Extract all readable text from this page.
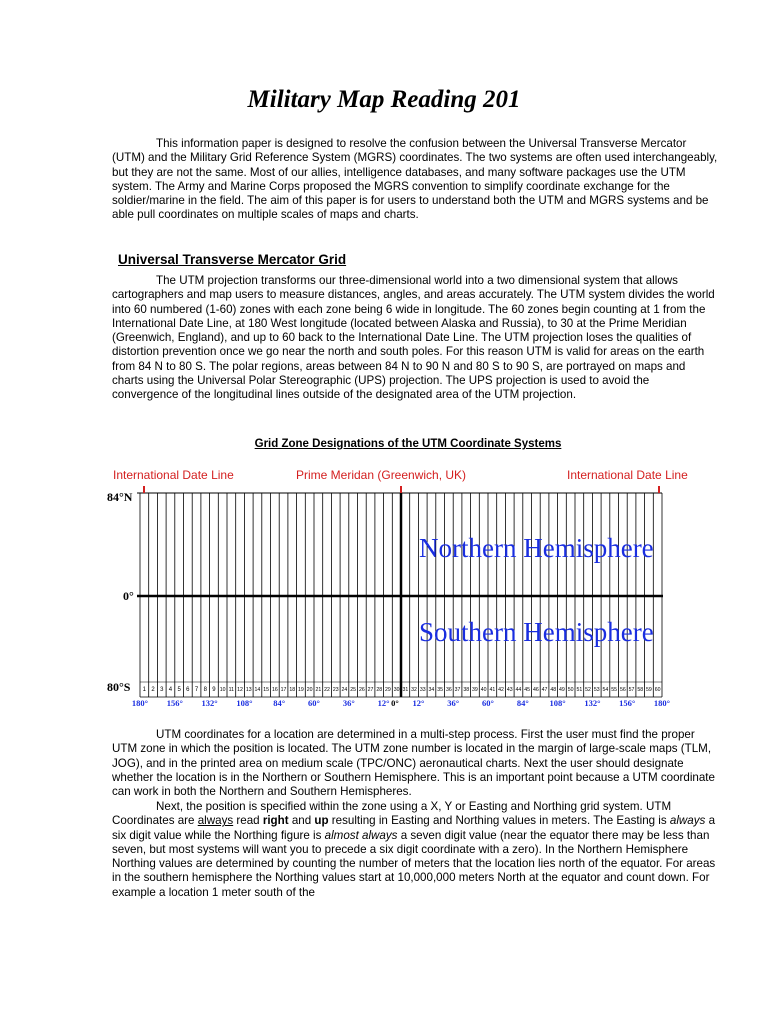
Military Map Reading 201

This information paper is designed to resolve the confusion between the Universal Transverse Mercator (UTM) and the Military Grid Reference System (MGRS) coordinates. The two systems are often used interchangeably, but they are not the same. Most of our allies, intelligence databases, and many software packages use the UTM system. The Army and Marine Corps proposed the MGRS convention to simplify coordinate exchange for the soldier/marine in the field. The aim of this paper is for users to understand both the UTM and MGRS systems and be able pull coordinates on multiple scales of maps and charts.

Universal Transverse Mercator Grid

The UTM projection transforms our three-dimensional world into a two dimensional system that allows cartographers and map users to measure distances, angles, and areas accurately. The UTM system divides the world into 60 numbered (1-60) zones with each zone being 6 wide in longitude. The 60 zones begin counting at 1 from the International Date Line, at 180 West longitude (located between Alaska and Russia), to 30 at the Prime Meridian (Greenwich, England), and up to 60 back to the International Date Line. The UTM projection loses the qualities of distortion prevention once we go near the north and south poles. For this reason UTM is valid for areas on the earth from 84 N to 80 S. The polar regions, areas between 84 N to 90 N and 80 S to 90 S, are portrayed on maps and charts using the Universal Polar Stereographic (UPS) projection. The UPS projection is used to avoid the convergence of the longitudinal lines outside of the designated area of the UTM projection.

Grid Zone Designations of the UTM Coordinate Systems

International Date Line	Prime Meridan (Greenwich, UK)	International Date Line

84°N

0°

80°S 1 2 3 4 5 6 7 8 9 10 11 12 13 14 15 16 17 18 19 20 21 22 23 24 25 26 27 28 29 30 31 32 33 34 35 36 37 38 39 40 41 42 43 44 45 46 47 48 49 50 51 52 53 54 55 56 57 58 59 60
180° 156° 132° 108° 84°	60°	36°	12° 0° 12°	36°	60°	84° 108° 132° 156° 180°
Northern Hemisphere
Southern Hemisphere

UTM coordinates for a location are determined in a multi-step process. First the user must find the proper UTM zone in which the position is located. The UTM zone number is located in the margin of large-scale maps (TLM, JOG), and in the printed area on medium scale (TPC/ONC) aeronautical charts. Next the user should designate whether the location is in the Northern or Southern Hemisphere. This is an important point because a UTM coordinate can work in both the Northern and Southern Hemispheres.

Next, the position is specified within the zone using a X, Y or Easting and Northing grid system. UTM Coordinates are always read right and up resulting in Easting and Northing values in meters. The Easting is always a six digit value while the Northing figure is almost always a seven digit value (near the equator there may be less than seven, but most systems will want you to precede a six digit coordinate with a zero). In the Northern Hemisphere Northing values are determined by counting the number of meters that the location lies north of the equator. For areas in the southern hemisphere the Northing values start at 10,000,000 meters North at the equator and count down. For example a location 1 meter south of the
